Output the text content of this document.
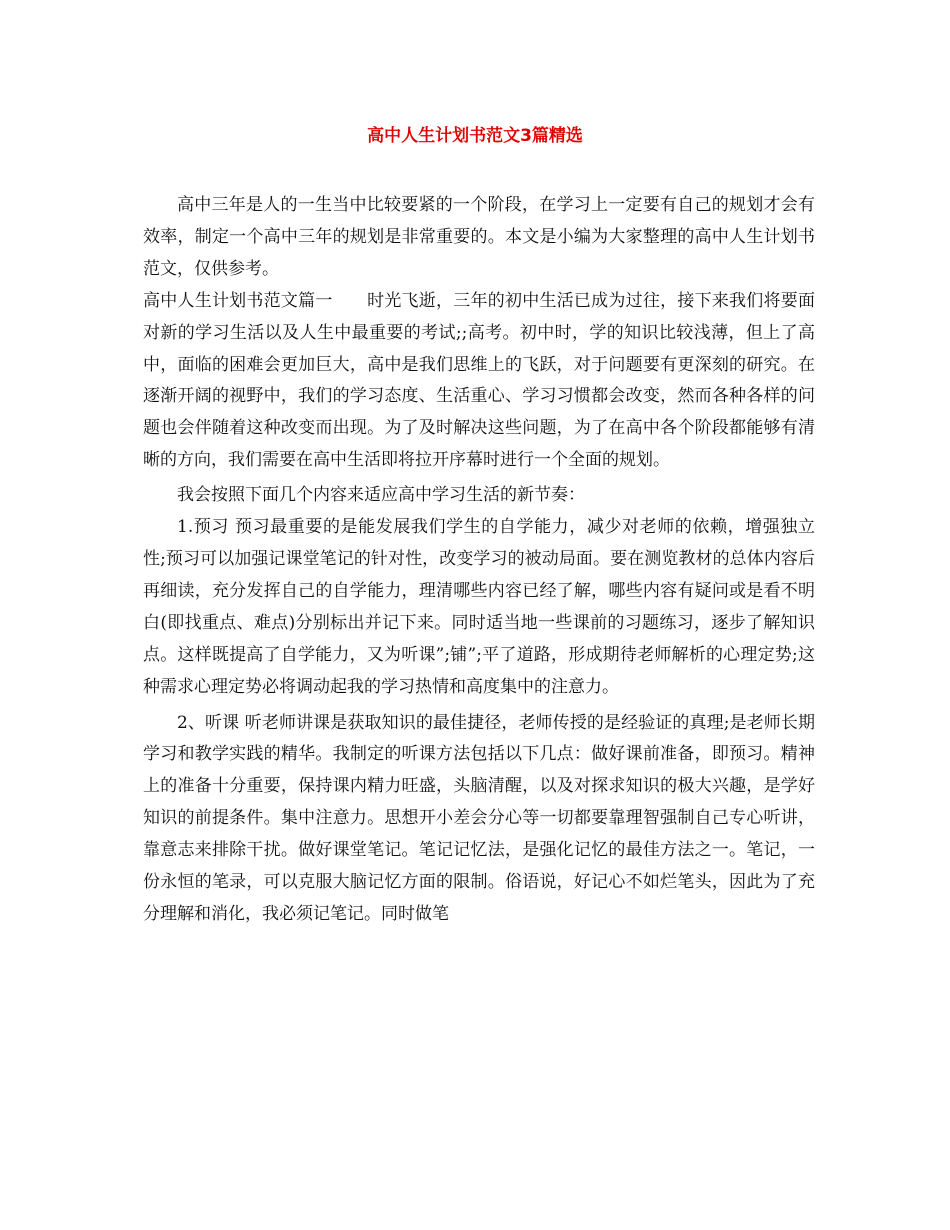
高中人生计划书范文3篇精选

高中三年是人的一生当中比较要紧的一个阶段，在学习上一定要有自己的规划才会有效率，制定一个高中三年的规划是非常重要的。本文是小编为大家整理的高中人生计划书范文，仅供参考。

高中人生计划书范文篇一　　时光飞逝，三年的初中生活已成为过往，接下来我们将要面对新的学习生活以及人生中最重要的考试;;高考。初中时，学的知识比较浅薄，但上了高中，面临的困难会更加巨大，高中是我们思维上的飞跃，对于问题要有更深刻的研究。在逐渐开阔的视野中，我们的学习态度、生活重心、学习习惯都会改变，然而各种各样的问题也会伴随着这种改变而出现。为了及时解决这些问题，为了在高中各个阶段都能够有清晰的方向，我们需要在高中生活即将拉开序幕时进行一个全面的规划。

我会按照下面几个内容来适应高中学习生活的新节奏：

1.预习 预习最重要的是能发展我们学生的自学能力，减少对老师的依赖，增强独立性;预习可以加强记课堂笔记的针对性，改变学习的被动局面。要在测览教材的总体内容后再细读，充分发挥自己的自学能力，理清哪些内容已经了解，哪些内容有疑问或是看不明白(即找重点、难点)分别标出并记下来。同时适当地一些课前的习题练习，逐步了解知识点。这样既提高了自学能力，又为听课”;铺”;平了道路，形成期待老师解析的心理定势;这种需求心理定势必将调动起我的学习热情和高度集中的注意力。

2、听课 听老师讲课是获取知识的最佳捷径，老师传授的是经验证的真理;是老师长期学习和教学实践的精华。我制定的听课方法包括以下几点：做好课前准备，即预习。精神上的准备十分重要，保持课内精力旺盛，头脑清醒，以及对探求知识的极大兴趣，是学好知识的前提条件。集中注意力。思想开小差会分心等一切都要靠理智强制自己专心听讲，靠意志来排除干扰。做好课堂笔记。笔记记忆法，是强化记忆的最佳方法之一。笔记，一份永恒的笔录，可以克服大脑记忆方面的限制。俗语说，好记心不如烂笔头，因此为了充分理解和消化，我必须记笔记。同时做笔
